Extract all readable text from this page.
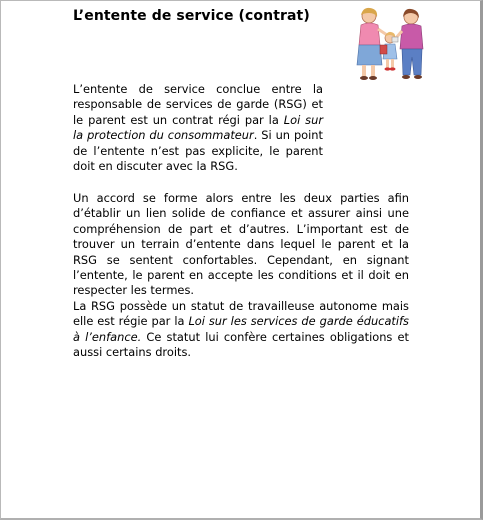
L’entente de service (contrat)
L’entente de service conclue entre la responsable de services de garde (RSG) et le parent est un contrat régi par la Loi sur la protection du consommateur. Si un point de l’entente n’est pas explicite, le parent doit en discuter avec la RSG.
Un accord se forme alors entre les deux parties afin d’établir un lien solide de confiance et assurer ainsi une compréhension de part et d’autres. L’important est de trouver un terrain d’entente dans lequel le parent et la RSG se sentent confortables. Cependant, en signant l’entente, le parent en accepte les conditions et il doit en respecter les termes.
La RSG possède un statut de travailleuse autonome mais elle est régie par la Loi sur les services de garde éducatifs à l’enfance. Ce statut lui confère certaines obligations et aussi certains droits.
